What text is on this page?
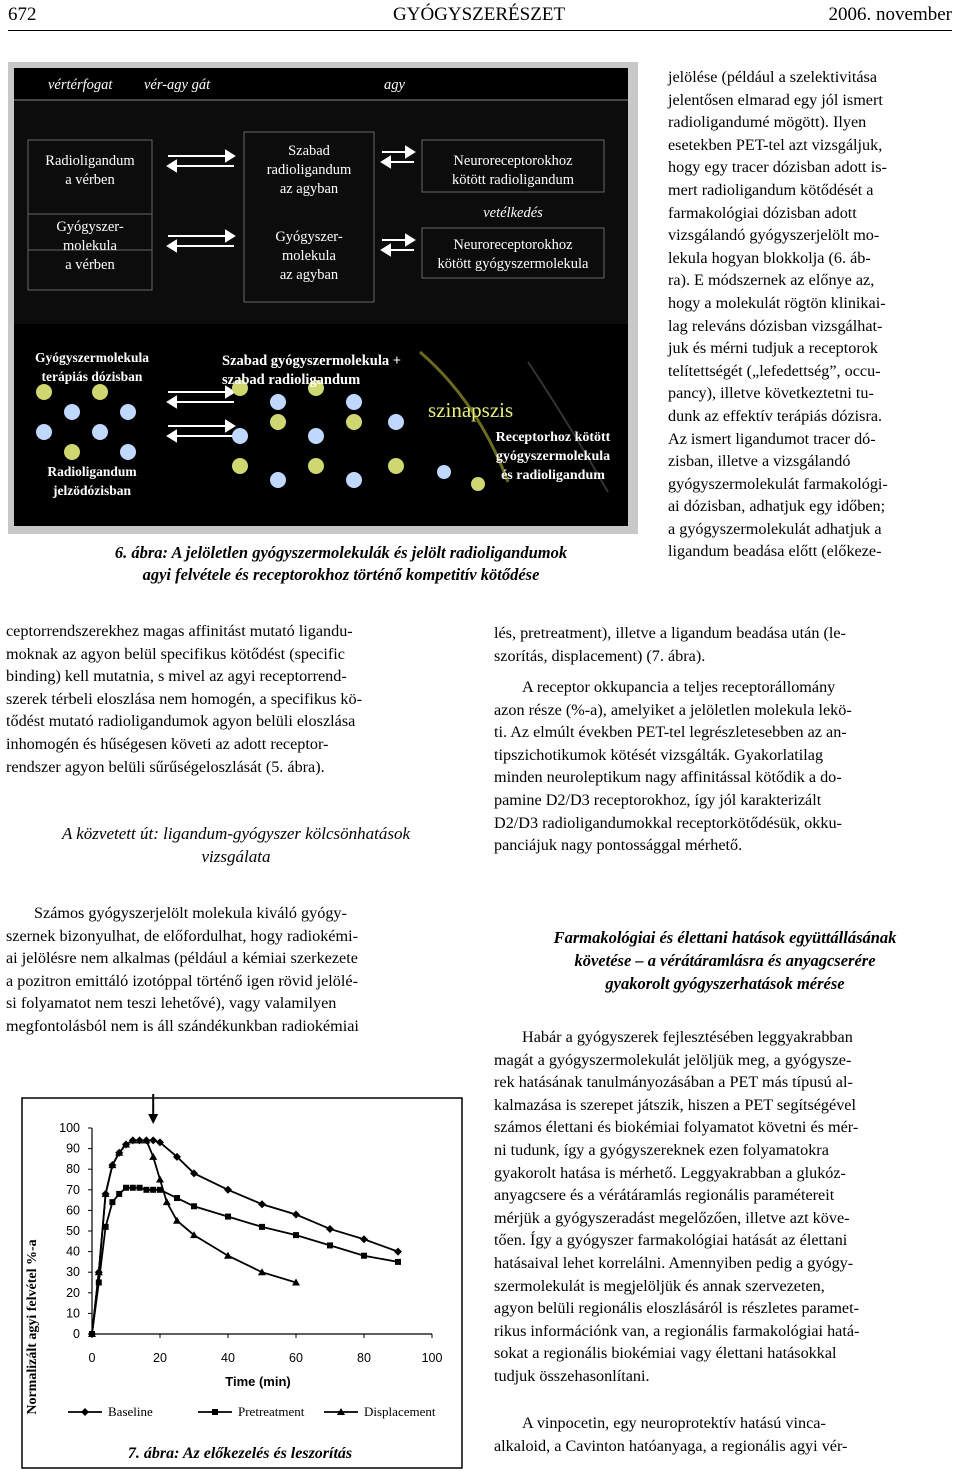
672	GYÓGYSZERÉSZET	2006. november
vértérfogat vér-agy gát	agy
Radioligandum
a vérben
Gyógyszer-
molekula
a vérben
Szabad
radioligandum
az agyban
Gyógyszer-
molekula
az agyban
Neuroreceptorokhoz
kötött radioligandum
vetélkedés
Neuroreceptorokhoz
kötött gyógyszermolekula
Gyógyszermolekula
terápiás dózisban
Radioligandum
jelzödózisban
Szabad gyógyszermolekula +
szabad radioligandum
szinapszis
Receptorhoz kötött
gyógyszermolekula
és radioligandum
6. ábra: A jelöletlen gyógyszermolekulák és jelölt radioligandumok
agyi felvétele és receptorokhoz történő kompetitív kötődése
ceptorrendszerekhez magas affinitást mutató ligandu-
moknak az agyon belül specifikus kötődést (specific
binding) kell mutatnia, s mivel az agyi receptorrend-
szerek térbeli eloszlása nem homogén, a specifikus kö-
tődést mutató radioligandumok agyon belüli eloszlása
inhomogén és hűségesen követi az adott receptor-
rendszer agyon belüli sűrűségeloszlását (5. ábra).
A közvetett út: ligandum-gyógyszer kölcsönhatások
vizsgálata
Számos gyógyszerjelölt molekula kiváló gyógy-
szernek bizonyulhat, de előfordulhat, hogy radiokémi-
ai jelölésre nem alkalmas (például a kémiai szerkezete
a pozitron emittáló izotóppal történő igen rövid jelölé-
si folyamatot nem teszi lehetővé), vagy valamilyen
megfontolásból nem is áll szándékunkban radiokémiai
jelölése (például a szelektivitása
jelentősen elmarad egy jól ismert
radioligandumé mögött). Ilyen
esetekben PET-tel azt vizsgáljuk,
hogy egy tracer dózisban adott is-
mert radioligandum kötődését a
farmakológiai dózisban adott
vizsgálandó gyógyszerjelölt mo-
lekula hogyan blokkolja (6. áb-
ra). E módszernek az előnye az,
hogy a molekulát rögtön klinikai-
lag releváns dózisban vizsgálhat-
juk és mérni tudjuk a receptorok
telítettségét („lefedettség”, occu-
pancy), illetve következtetni tu-
dunk az effektív terápiás dózisra.
Az ismert ligandumot tracer dó-
zisban, illetve a vizsgálandó
gyógyszermolekulát farmakológi-
ai dózisban, adhatjuk egy időben;
a gyógyszermolekulát adhatjuk a
ligandum beadása előtt (előkeze-
lés, pretreatment), illetve a ligandum beadása után (le-
szorítás, displacement) (7. ábra).
A receptor okkupancia a teljes receptorállomány
azon része (%-a), amelyiket a jelöletlen molekula lekö-
ti. Az elmúlt években PET-tel legrészletesebben az an-
tipszichotikumok kötését vizsgálták. Gyakorlatilag
minden neuroleptikum nagy affinitással kötődik a do-
pamine D2/D3 receptorokhoz, így jól karakterizált
D2/D3 radioligandumokkal receptorkötődésük, okku-
panciájuk nagy pontossággal mérhető.
Farmakológiai és élettani hatások együttállásának
követése – a vérátáramlásra és anyagcserére
gyakorolt gyógyszerhatások mérése
Habár a gyógyszerek fejlesztésében leggyakrabban
magát a gyógyszermolekulát jelöljük meg, a gyógysze-
rek hatásának tanulmányozásában a PET más típusú al-
kalmazása is szerepet játszik, hiszen a PET segítségével
számos élettani és biokémiai folyamatot követni és mér-
ni tudunk, így a gyógyszereknek ezen folyamatokra
gyakorolt hatása is mérhető. Leggyakrabban a glukóz-
anyagcsere és a vérátáramlás regionális paramétereit
mérjük a gyógyszeradást megelőzően, illetve azt köve-
tően. Így a gyógyszer farmakológiai hatását az élettani
hatásaival lehet korrelálni. Amennyiben pedig a gyógy-
szermolekulát is megjelöljük és annak szervezeten,
agyon belüli regionális eloszlásáról is részletes paramet-
rikus információnk van, a regionális farmakológiai hatá-
sokat a regionális biokémiai vagy élettani hatásokkal
tudjuk összehasonlítani.
A vinpocetin, egy neuroprotektív hatású vinca-
alkaloid, a Cavinton hatóanyaga, a regionális agyi vér-
0
10
20
30
40
50
60
70
80
90
100
0	20	40	60	80	100
Normalizált agyi felvétel %-a	Time (min)
Baseline	Pretreatment	Displacement
7. ábra: Az előkezelés és leszorítás
